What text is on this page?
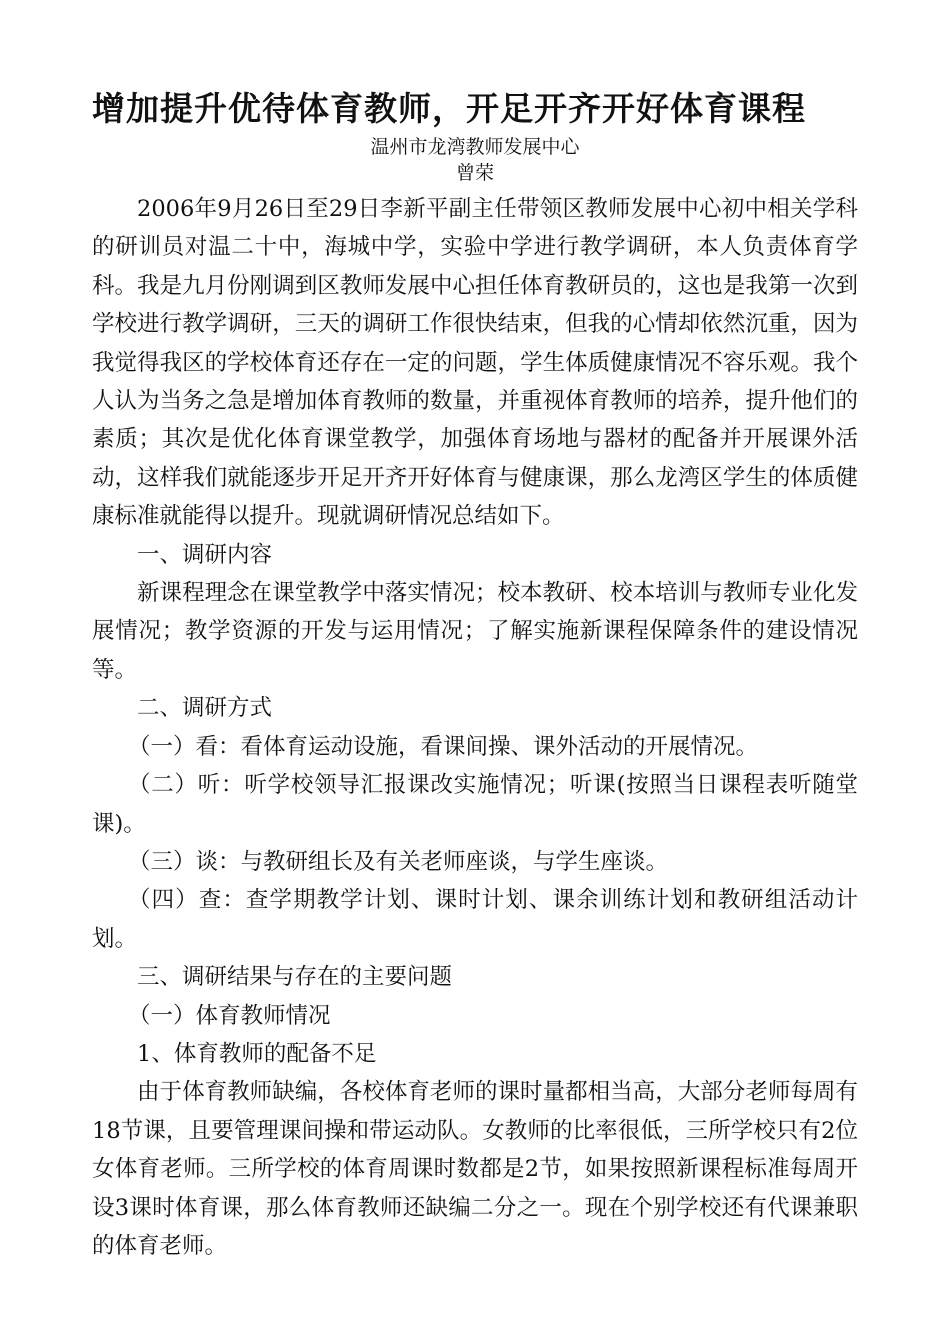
增加提升优待体育教师，开足开齐开好体育课程
温州市龙湾教师发展中心
曾荣

2006年9月26日至29日李新平副主任带领区教师发展中心初中相关学科的研训员对温二十中，海城中学，实验中学进行教学调研，本人负责体育学科。我是九月份刚调到区教师发展中心担任体育教研员的，这也是我第一次到学校进行教学调研，三天的调研工作很快结束，但我的心情却依然沉重，因为我觉得我区的学校体育还存在一定的问题，学生体质健康情况不容乐观。我个人认为当务之急是增加体育教师的数量，并重视体育教师的培养，提升他们的素质；其次是优化体育课堂教学，加强体育场地与器材的配备并开展课外活动，这样我们就能逐步开足开齐开好体育与健康课，那么龙湾区学生的体质健康标准就能得以提升。现就调研情况总结如下。

一、调研内容

新课程理念在课堂教学中落实情况；校本教研、校本培训与教师专业化发展情况；教学资源的开发与运用情况；了解实施新课程保障条件的建设情况等。

二、调研方式

（一）看：看体育运动设施，看课间操、课外活动的开展情况。

（二）听：听学校领导汇报课改实施情况；听课(按照当日课程表听随堂课)。

（三）谈：与教研组长及有关老师座谈，与学生座谈。

（四）查：查学期教学计划、课时计划、课余训练计划和教研组活动计划。

三、调研结果与存在的主要问题

（一）体育教师情况

1、体育教师的配备不足

由于体育教师缺编，各校体育老师的课时量都相当高，大部分老师每周有18节课，且要管理课间操和带运动队。女教师的比率很低，三所学校只有2位女体育老师。三所学校的体育周课时数都是2节，如果按照新课程标准每周开设3课时体育课，那么体育教师还缺编二分之一。现在个别学校还有代课兼职的体育老师。
